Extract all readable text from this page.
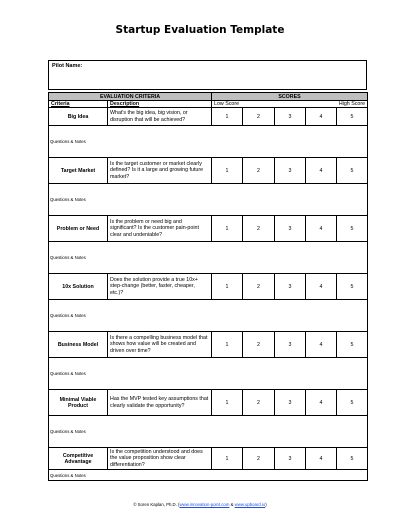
Startup Evaluation Template
Pilot Name:
EVALUATION CRITERIA		SCORES				
Criteria	Description	Low Score High Score				

Big Idea	What's the big idea, big vision, or disruption that will be achieved?	1	2	3	4	5
Questions & Notes						
Target Market	Is the target customer or market clearly defined? Is it a large and growing future market?	1	2	3	4	5
Questions & Notes						
Problem or Need	Is the problem or need big and significant? Is the customer pain-point clear and undeniable?	1	2	3	4	5
Questions & Notes						
10x Solution	Does the solution provide a true 10x+ step-change (better, faster, cheaper, etc.)?	1	2	3	4	5
Questions & Notes						
Business Model	Is there a compelling business model that shows how value will be created and driven over time?	1	2	3	4	5
Questions & Notes						
Minimal Viable Product	Has the MVP tested key assumptions that clearly validate the opportunity?	1	2	3	4	5
Questions & Notes						
Competitive Advantage	Is the competition understood and does the value proposition show clear differentiation?	1	2	3	4	5
Questions & Notes						
© Soren Kaplan, Ph.D. (www.innovation-point.com & www.upboard.io)
